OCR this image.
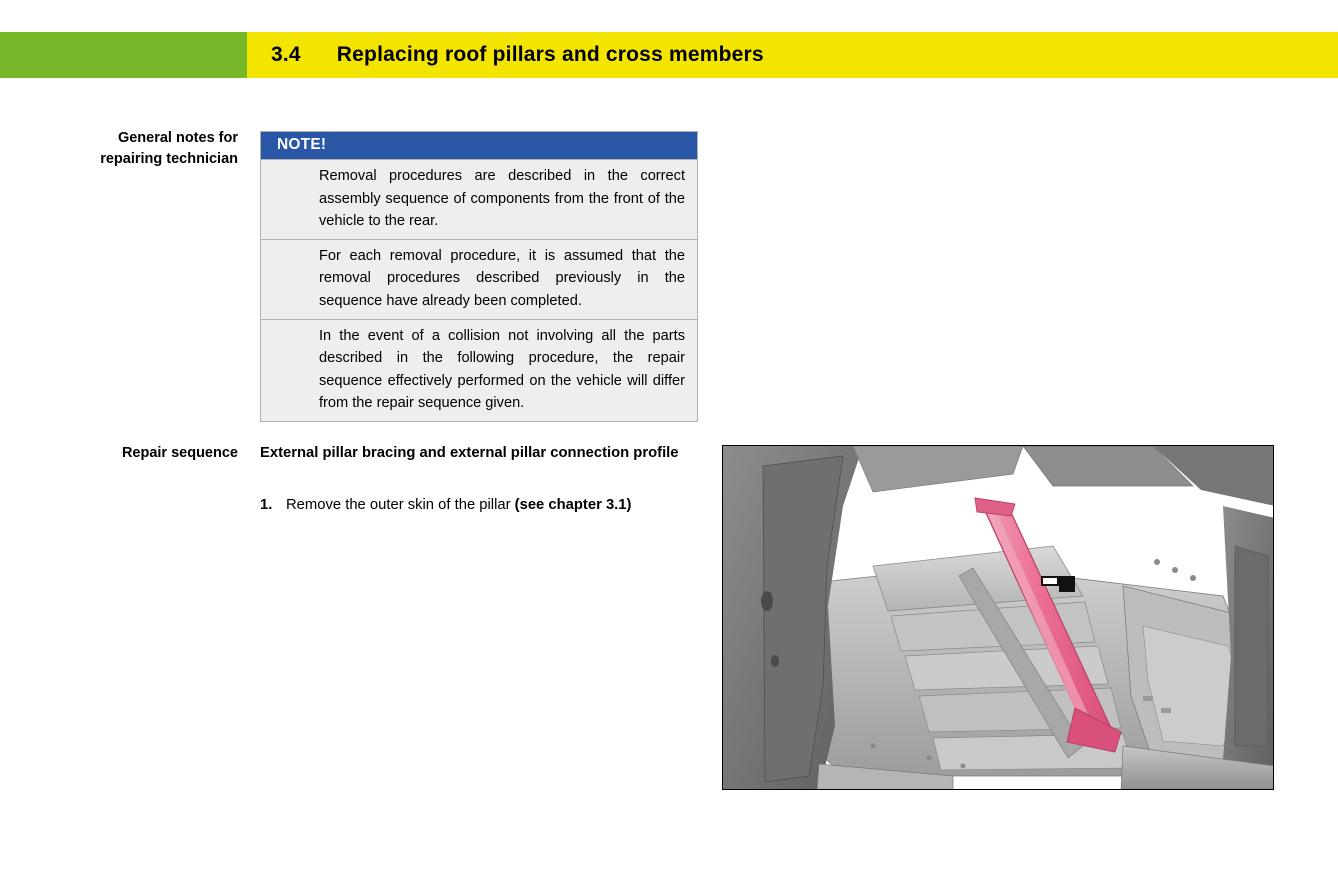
3.4 Replacing roof pillars and cross members
General notes for
repairing technician
Repair sequence
NOTE!
Removal procedures are described in the correct assembly sequence of components from the front of the vehicle to the rear.
For each removal procedure, it is assumed that the removal procedures described previously in the sequence have already been completed.
In the event of a collision not involving all the parts described in the following procedure, the repair sequence effectively performed on the vehicle will differ from the repair sequence given.
External pillar bracing and external pillar connection profile
1. Remove the outer skin of the pillar (see chapter 3.1)
